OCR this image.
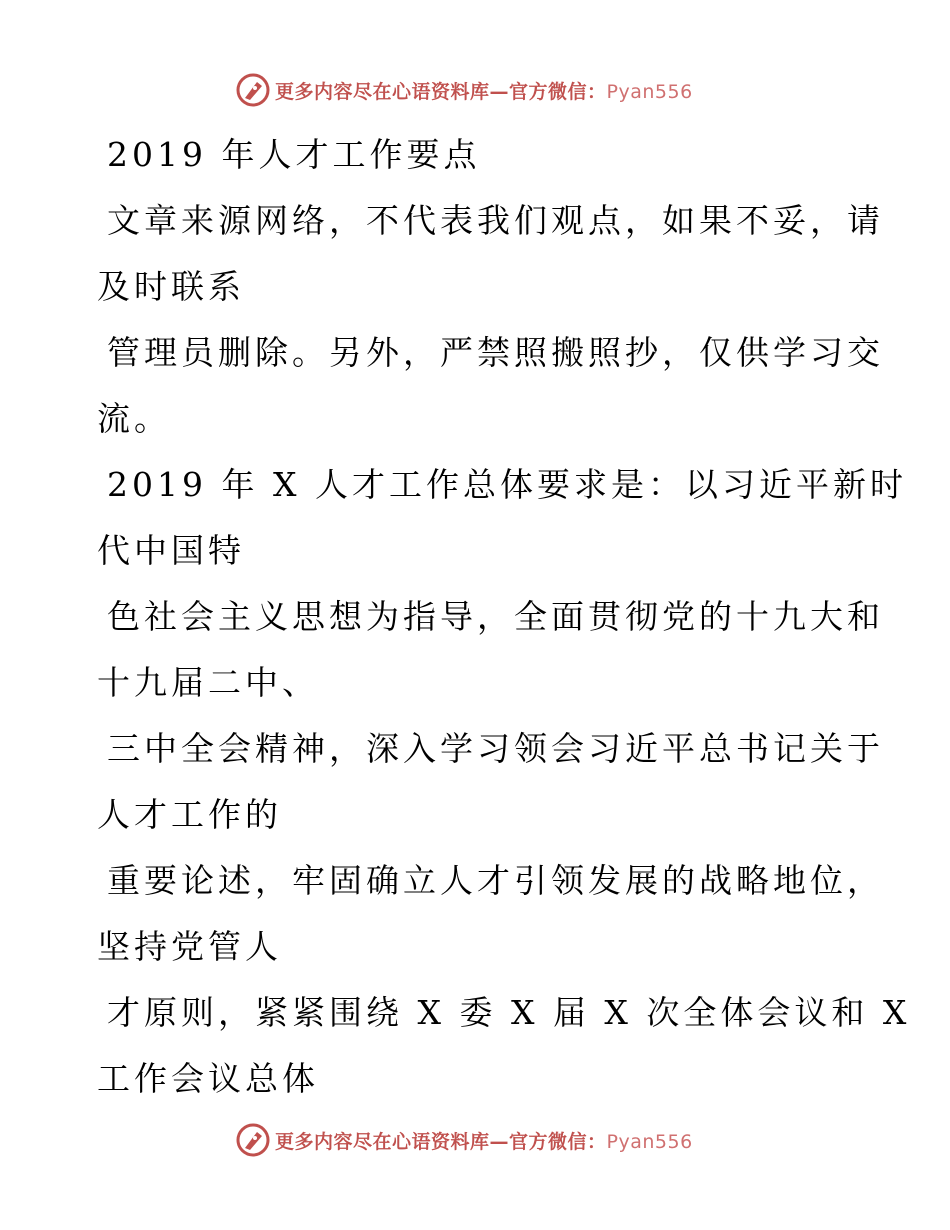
更多内容尽在心语资料库—官方微信：Pyan556
2019 年人才工作要点
文章来源网络，不代表我们观点，如果不妥，请
及时联系
管理员删除。另外，严禁照搬照抄，仅供学习交
流。
2019 年 X 人才工作总体要求是：以习近平新时
代中国特
色社会主义思想为指导，全面贯彻党的十九大和
十九届二中、
三中全会精神，深入学习领会习近平总书记关于
人才工作的
重要论述，牢固确立人才引领发展的战略地位，
坚持党管人
才原则，紧紧围绕 X 委 X 届 X 次全体会议和 X
工作会议总体
更多内容尽在心语资料库—官方微信：Pyan556
